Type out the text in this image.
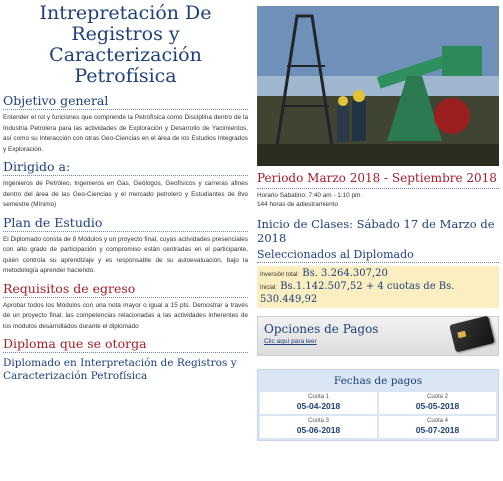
Intrepretación De Registros y Caracterización Petrofísica
Objetivo general

Entender el rol y funciones que comprende la Petrofísica como Disciplina dentro de la Industria Petrolera para las actividades de Exploración y Desarrollo de Yacimientos, así como su Interacción con otras Geo-Ciencias en el área de los Estudios Integrados y Exploración.

Dirigido a:

Ingenieros de Petróleo, Ingenieros en Gas, Geólogos, Geofísicos y carreras afines dentro del área de las Geo-Ciencias y el mercado petrolero y Estudiantes de 8vo semestre (Mínimo)

Plan de Estudio

El Diplomado consta de 8 Módulos y un proyecto final, cuyas actividades presenciales con alto grado de participación y compromiso están centradas en el participante, quién controla su aprendizaje y es responsable de su autoevaluación, bajo la metodología aprender haciendo.

Requisitos de egreso

Aprobar todos los Módulos con una nota mayor o igual a 15 pts. Demostrar a través de un proyecto final, las competencias relacionadas a las actividades inherentes de los módulos desarrollados durante el diplomado

Diploma que se otorga

Diplomado en Interpretación de Registros y Caracterización Petrofísica

Periodo Marzo 2018 - Septiembre 2018

Horario Sabatino: 7:40 am - 1:10 pm.

144 horas de adiestramiento

Inicio de Clases: Sábado 17 de Marzo de 2018
Seleccionados al Diplomado
Inversión total: Bs. 3.264.307,20
Inicial: Bs.1.142.507,52 + 4 cuotas de Bs. 530.449,92
Opciones de Pagos
Clic aquí para leer
Fechas de pagos
Cuota 1
05-04-2018
Cuota 2
05-05-2018
Cuota 3
05-06-2018
Cuota 4
05-07-2018
